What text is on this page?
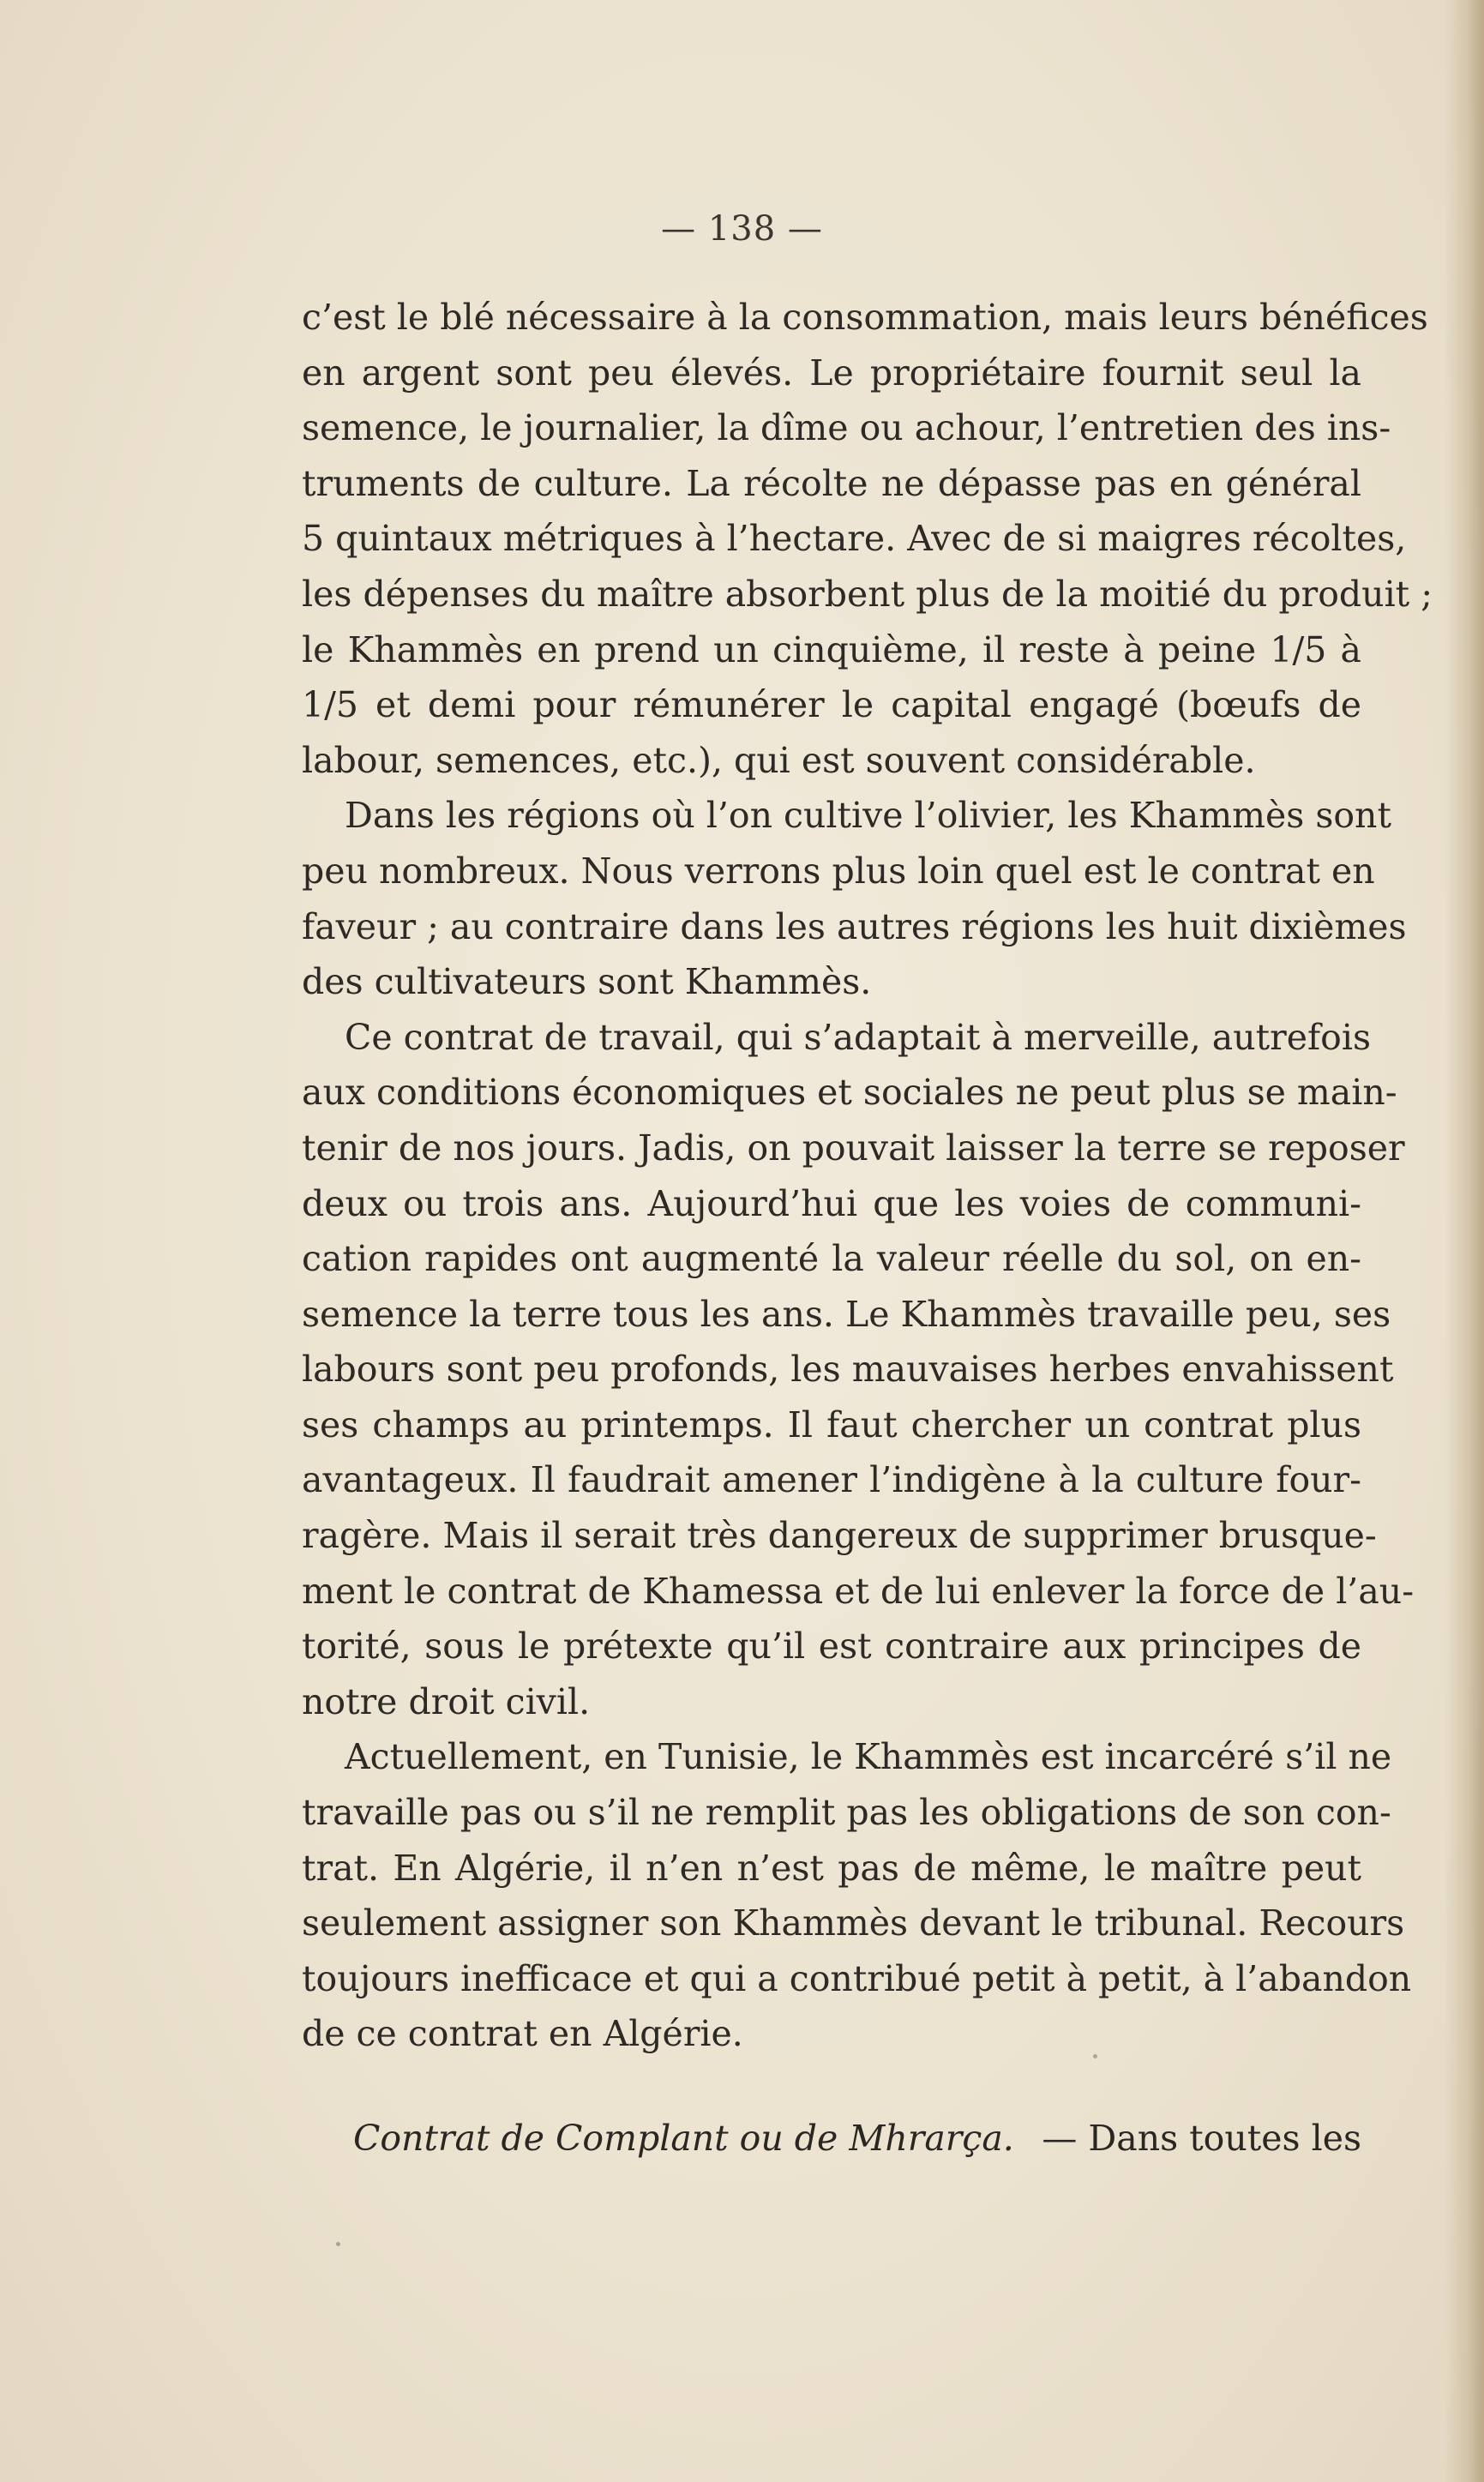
— 138 —
c’est le blé nécessaire à la consommation, mais leurs bénéfices
en argent sont peu élevés. Le propriétaire fournit seul la
semence, le journalier, la dîme ou achour, l’entretien des ins-
truments de culture. La récolte ne dépasse pas en général
5 quintaux métriques à l’hectare. Avec de si maigres récoltes,
les dépenses du maître absorbent plus de la moitié du produit ;
le Khammès en prend un cinquième, il reste à peine 1/5 à
1/5 et demi pour rémunérer le capital engagé (bœufs de
labour, semences, etc.), qui est souvent considérable.
Dans les régions où l’on cultive l’olivier, les Khammès sont
peu nombreux. Nous verrons plus loin quel est le contrat en
faveur ; au contraire dans les autres régions les huit dixièmes
des cultivateurs sont Khammès.
Ce contrat de travail, qui s’adaptait à merveille, autrefois
aux conditions économiques et sociales ne peut plus se main-
tenir de nos jours. Jadis, on pouvait laisser la terre se reposer
deux ou trois ans. Aujourd’hui que les voies de communi-
cation rapides ont augmenté la valeur réelle du sol, on en-
semence la terre tous les ans. Le Khammès travaille peu, ses
labours sont peu profonds, les mauvaises herbes envahissent
ses champs au printemps. Il faut chercher un contrat plus
avantageux. Il faudrait amener l’indigène à la culture four-
ragère. Mais il serait très dangereux de supprimer brusque-
ment le contrat de Khamessa et de lui enlever la force de l’au-
torité, sous le prétexte qu’il est contraire aux principes de
notre droit civil.
Actuellement, en Tunisie, le Khammès est incarcéré s’il ne
travaille pas ou s’il ne remplit pas les obligations de son con-
trat. En Algérie, il n’en n’est pas de même, le maître peut
seulement assigner son Khammès devant le tribunal. Recours
toujours inefficace et qui a contribué petit à petit, à l’abandon
de ce contrat en Algérie.
Contrat de Complant ou de Mhrarça. — Dans toutes les
